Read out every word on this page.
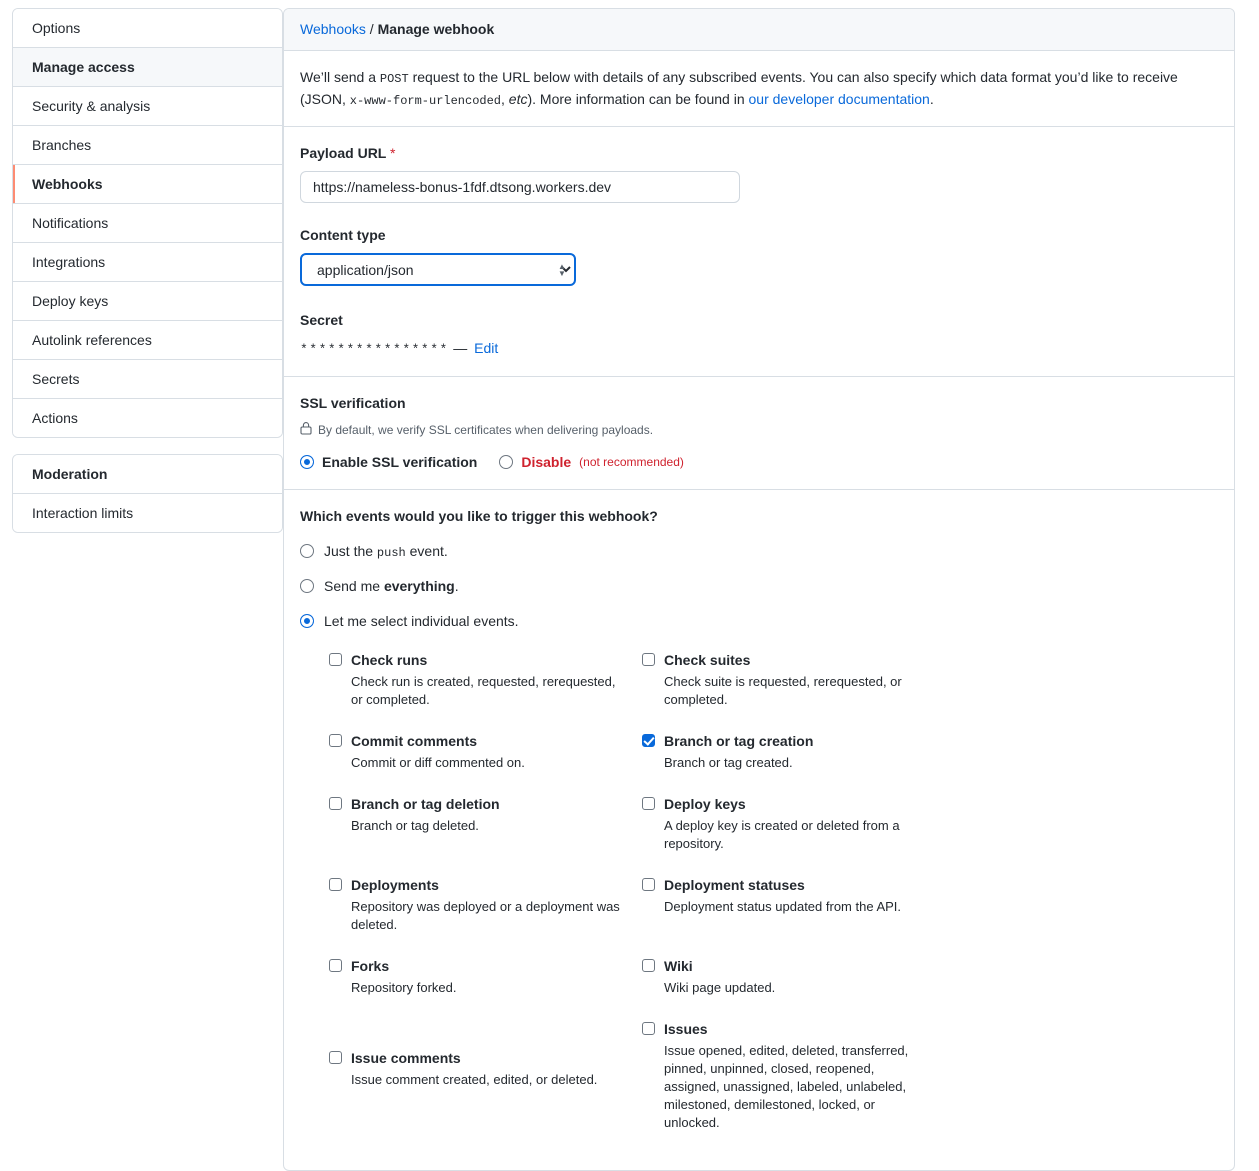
Options
Manage access
Security & analysis
Branches
Webhooks
Notifications
Integrations
Deploy keys
Autolink references
Secrets
Actions
Moderation
Interaction limits
Webhooks / Manage webhook
We’ll send a POST request to the URL below with details of any subscribed events. You can also specify which data format you’d like to receive (JSON, x-www-form-urlencoded, etc). More information can be found in our developer documentation.
Payload URL *
https://nameless-bonus-1fdf.dtsong.workers.dev
Content type
application/json
▲
▼
Secret
**************** — Edit
SSL verification
By default, we verify SSL certificates when delivering payloads.
Enable SSL verification	Disable (not recommended)
Which events would you like to trigger this webhook?
Just the push event.
Send me everything.
Let me select individual events.
Check runs
Check run is created, requested, rerequested, or completed.
Check suites
Check suite is requested, rerequested, or completed.
Commit comments
Commit or diff commented on.
Branch or tag creation
Branch or tag created.
Branch or tag deletion
Branch or tag deleted.
Deploy keys
A deploy key is created or deleted from a repository.
Deployments
Repository was deployed or a deployment was deleted.
Deployment statuses
Deployment status updated from the API.
Forks
Repository forked.
Wiki
Wiki page updated.
Issue comments
Issue comment created, edited, or deleted.
Issues
Issue opened, edited, deleted, transferred, pinned, unpinned, closed, reopened, assigned, unassigned, labeled, unlabeled, milestoned, demilestoned, locked, or unlocked.
